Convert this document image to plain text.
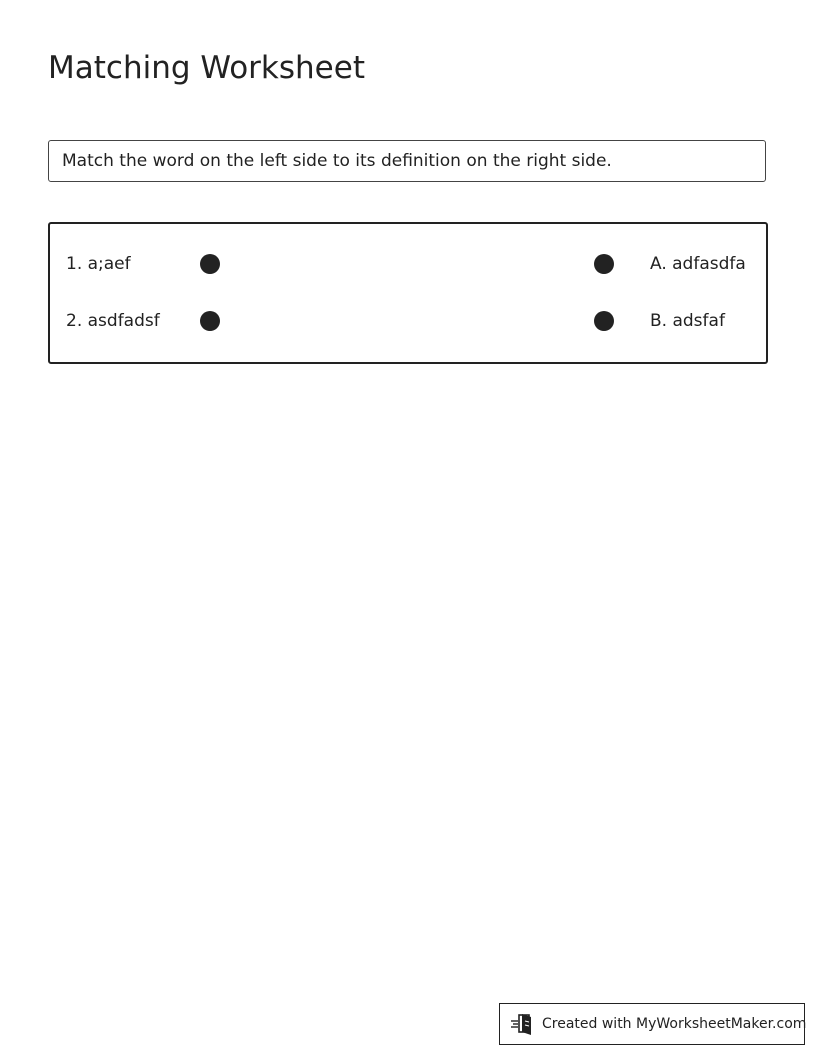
Matching Worksheet
Match the word on the left side to its definition on the right side.
1. a;aef	A. adfasdfa
2. asdfadsf	B. adsfaf
Created with MyWorksheetMaker.com
